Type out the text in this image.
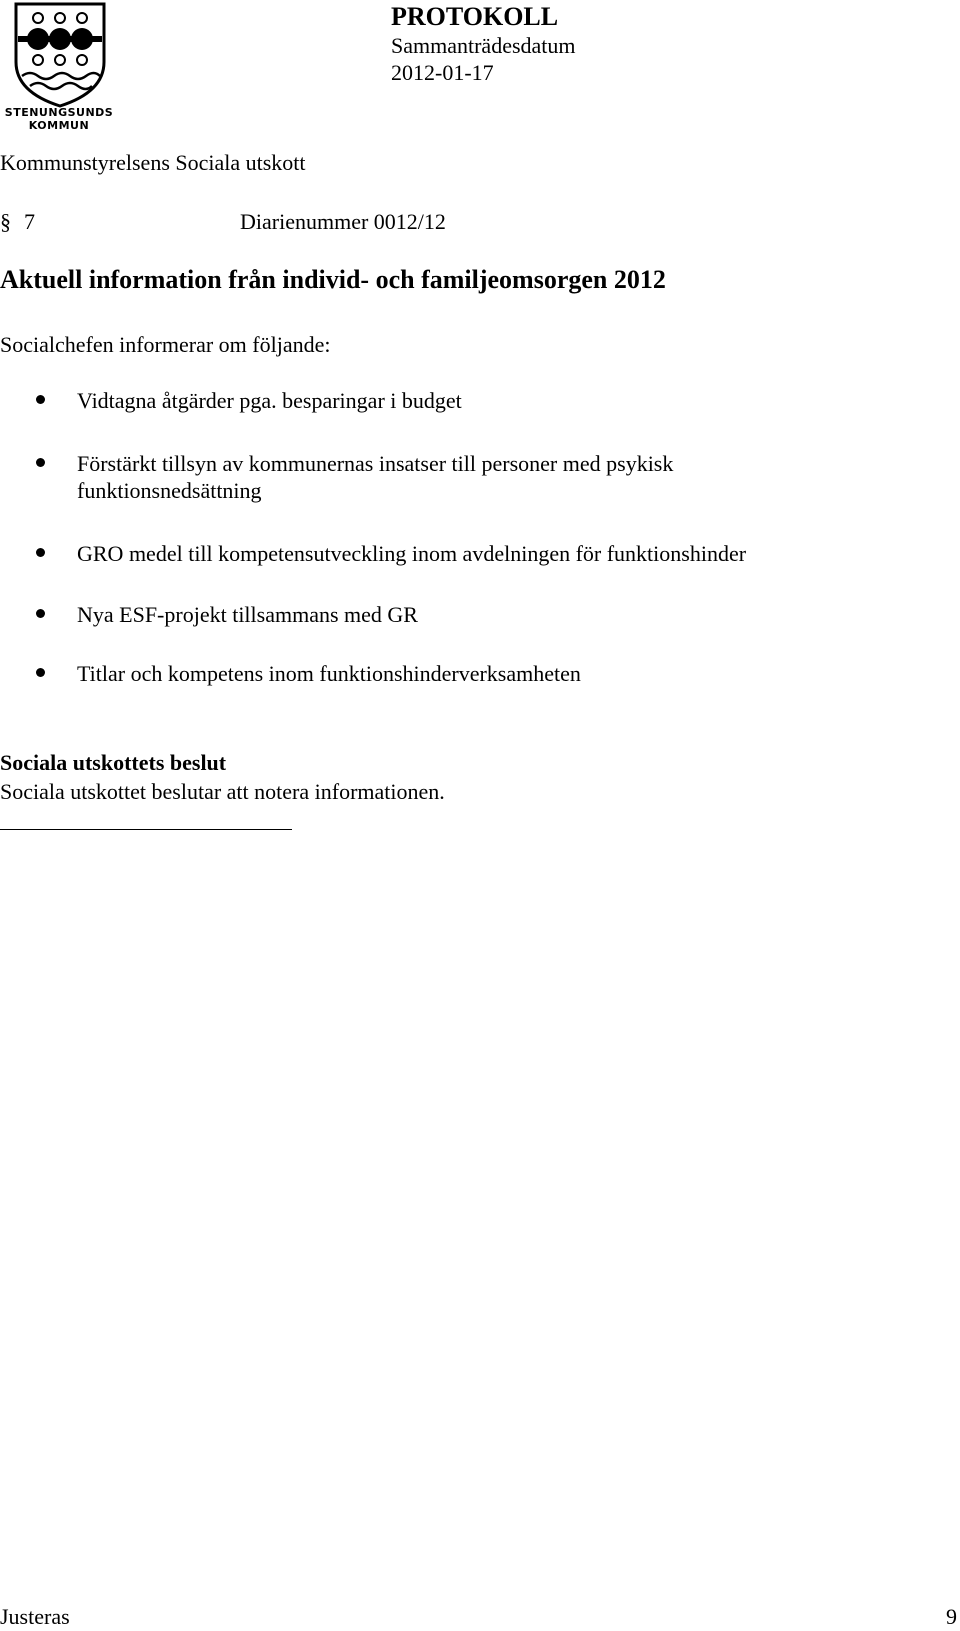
STENUNGSUNDS
KOMMUN
PROTOKOLL
Sammanträdesdatum
2012-01-17
Kommunstyrelsens Sociala utskott
§ 7	Diarienummer 0012/12
Aktuell information från individ- och familjeomsorgen 2012
Socialchefen informerar om följande:
Vidtagna åtgärder pga. besparingar i budget
Förstärkt tillsyn av kommunernas insatser till personer med psykisk
funktionsnedsättning
GRO medel till kompetensutveckling inom avdelningen för funktionshinder
Nya ESF-projekt tillsammans med GR
Titlar och kompetens inom funktionshinderverksamheten
Sociala utskottets beslut
Sociala utskottet beslutar att notera informationen.
Justeras	9
